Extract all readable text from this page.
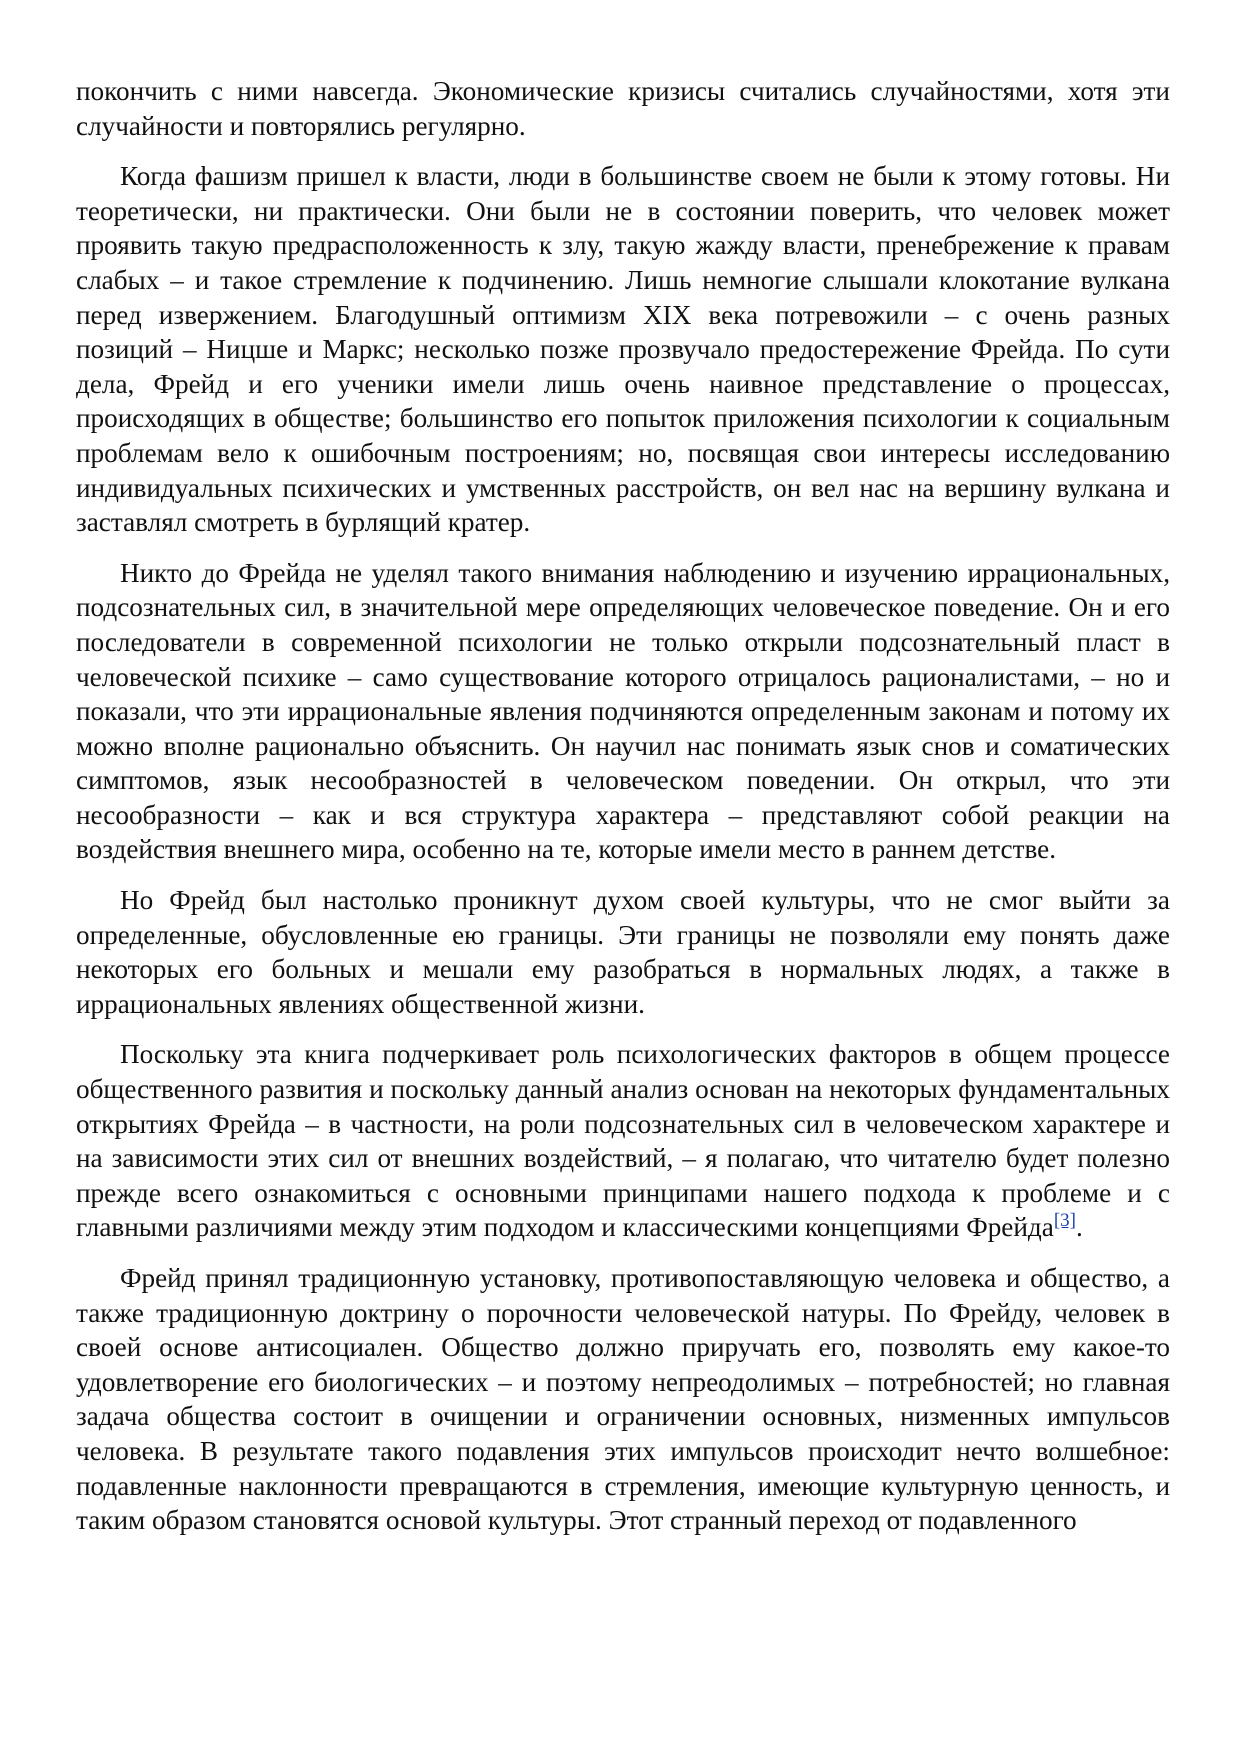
покончить с ними навсегда. Экономические кризисы считались случайностями, хотя эти случайности и повторялись регулярно.

Когда фашизм пришел к власти, люди в большинстве своем не были к этому готовы. Ни теоретически, ни практически. Они были не в состоянии поверить, что человек может проявить такую предрасположенность к злу, такую жажду власти, пренебрежение к правам слабых – и такое стремление к подчинению. Лишь немногие слышали клокотание вулкана перед извержением. Благодушный оптимизм XIX века потревожили – с очень разных позиций – Ницше и Маркс; несколько позже прозвучало предостережение Фрейда. По сути дела, Фрейд и его ученики имели лишь очень наивное представление о процессах, происходящих в обществе; большинство его попыток приложения психологии к социальным проблемам вело к ошибочным построениям; но, посвящая свои интересы исследованию индивидуальных психических и умственных расстройств, он вел нас на вершину вулкана и заставлял смотреть в бурлящий кратер.

Никто до Фрейда не уделял такого внимания наблюдению и изучению иррациональных, подсознательных сил, в значительной мере определяющих человеческое поведение. Он и его последователи в современной психологии не только открыли подсознательный пласт в человеческой психике – само существование которого отрицалось рационалистами, – но и показали, что эти иррациональные явления подчиняются определенным законам и потому их можно вполне рационально объяснить. Он научил нас понимать язык снов и соматических симптомов, язык несообразностей в человеческом поведении. Он открыл, что эти несообразности – как и вся структура характера – представляют собой реакции на воздействия внешнего мира, особенно на те, которые имели место в раннем детстве.

Но Фрейд был настолько проникнут духом своей культуры, что не смог выйти за определенные, обусловленные ею границы. Эти границы не позволяли ему понять даже некоторых его больных и мешали ему разобраться в нормальных людях, а также в иррациональных явлениях общественной жизни.

Поскольку эта книга подчеркивает роль психологических факторов в общем процессе общественного развития и поскольку данный анализ основан на некоторых фундаментальных открытиях Фрейда – в частности, на роли подсознательных сил в человеческом характере и на зависимости этих сил от внешних воздействий, – я полагаю, что читателю будет полезно прежде всего ознакомиться с основными принципами нашего подхода к проблеме и с главными различиями между этим подходом и классическими концепциями Фрейда[3].

Фрейд принял традиционную установку, противопоставляющую человека и общество, а также традиционную доктрину о порочности человеческой натуры. По Фрейду, человек в своей основе антисоциален. Общество должно приручать его, позволять ему какое-то удовлетворение его биологических – и поэтому непреодолимых – потребностей; но главная задача общества состоит в очищении и ограничении основных, низменных импульсов человека. В результате такого подавления этих импульсов происходит нечто волшебное: подавленные наклонности превращаются в стремления, имеющие культурную ценность, и таким образом становятся основой культуры. Этот странный переход от подавленного
